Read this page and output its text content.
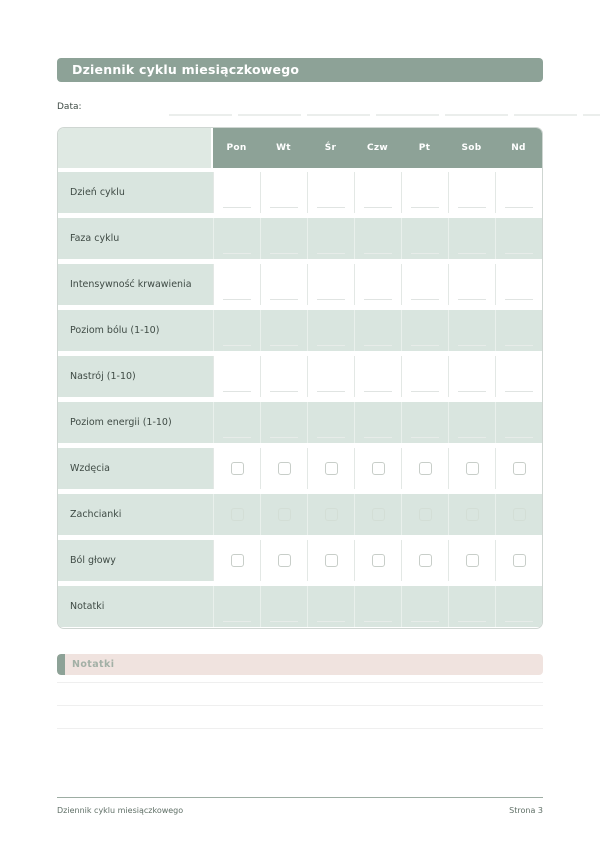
Dziennik cyklu miesiączkowego
Data:
Pon	Wt	Śr	Czw	Pt	Sob	Nd
Dzień cyklu
Faza cyklu
Intensywność krwawienia
Poziom bólu (1-10)
Nastrój (1-10)
Poziom energii (1-10)
Wzdęcia
Zachcianki
Ból głowy
Notatki
Notatki
Dziennik cyklu miesiączkowego	Strona 3
